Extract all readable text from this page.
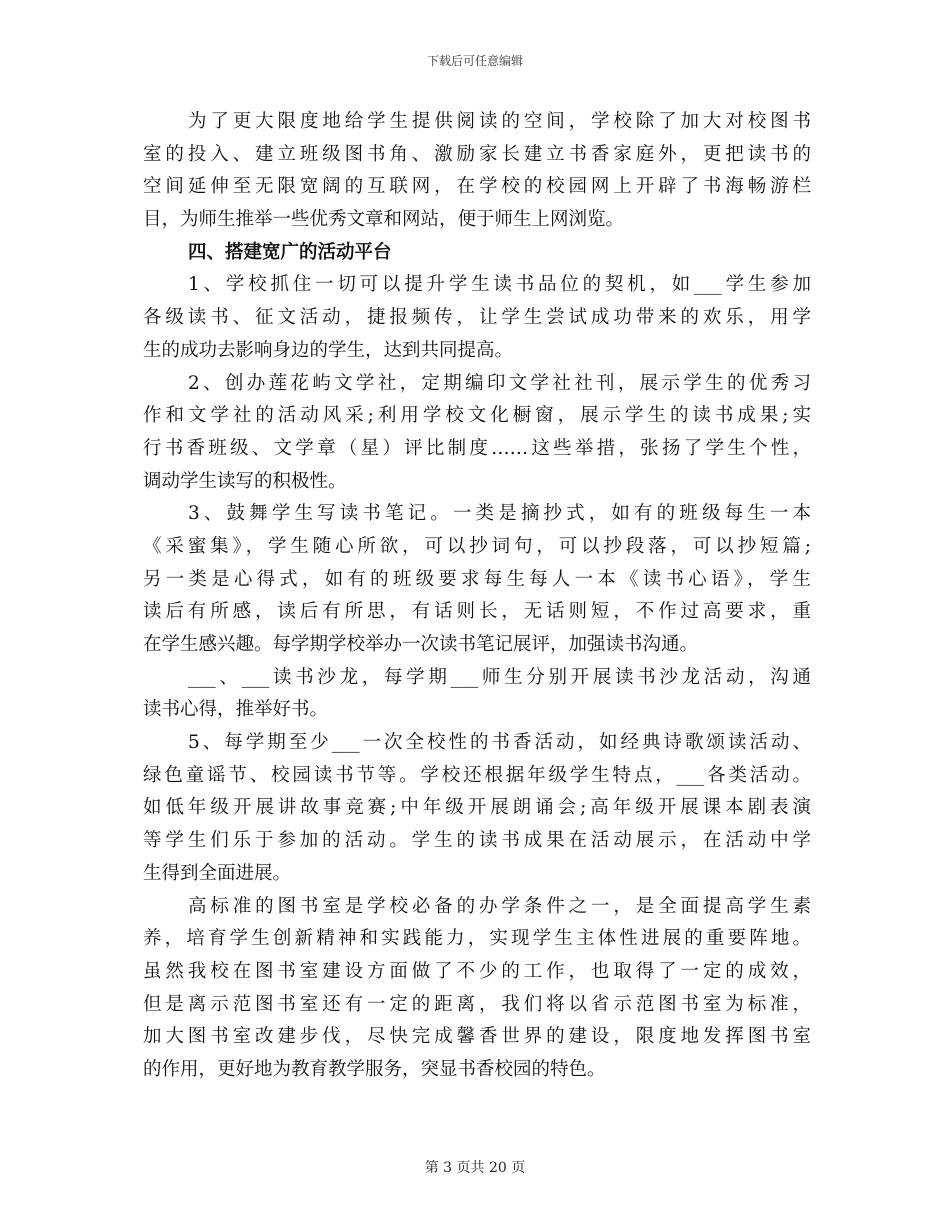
下载后可任意编辑
为了更大限度地给学生提供阅读的空间，学校除了加大对校图书
室的投入、建立班级图书角、激励家长建立书香家庭外，更把读书的
空间延伸至无限宽阔的互联网，在学校的校园网上开辟了书海畅游栏
目，为师生推举一些优秀文章和网站，便于师生上网浏览。
四、搭建宽广的活动平台
1、学校抓住一切可以提升学生读书品位的契机，如___学生参加
各级读书、征文活动，捷报频传，让学生尝试成功带来的欢乐，用学
生的成功去影响身边的学生，达到共同提高。
2、创办莲花屿文学社，定期编印文学社社刊，展示学生的优秀习
作和文学社的活动风采;利用学校文化橱窗，展示学生的读书成果;实
行书香班级、文学章（星）评比制度……这些举措，张扬了学生个性，
调动学生读写的积极性。
3、鼓舞学生写读书笔记。一类是摘抄式，如有的班级每生一本
《采蜜集》，学生随心所欲，可以抄词句，可以抄段落，可以抄短篇;
另一类是心得式，如有的班级要求每生每人一本《读书心语》，学生
读后有所感，读后有所思，有话则长，无话则短，不作过高要求，重
在学生感兴趣。每学期学校举办一次读书笔记展评，加强读书沟通。
___、___读书沙龙，每学期___师生分别开展读书沙龙活动，沟通
读书心得，推举好书。
5、每学期至少___一次全校性的书香活动，如经典诗歌颂读活动、
绿色童谣节、校园读书节等。学校还根据年级学生特点，___各类活动。
如低年级开展讲故事竞赛;中年级开展朗诵会;高年级开展课本剧表演
等学生们乐于参加的活动。学生的读书成果在活动展示，在活动中学
生得到全面进展。
高标准的图书室是学校必备的办学条件之一，是全面提高学生素
养，培育学生创新精神和实践能力，实现学生主体性进展的重要阵地。
虽然我校在图书室建设方面做了不少的工作，也取得了一定的成效，
但是离示范图书室还有一定的距离，我们将以省示范图书室为标准，
加大图书室改建步伐，尽快完成馨香世界的建设，限度地发挥图书室
的作用，更好地为教育教学服务，突显书香校园的特色。
第 3 页共 20 页
